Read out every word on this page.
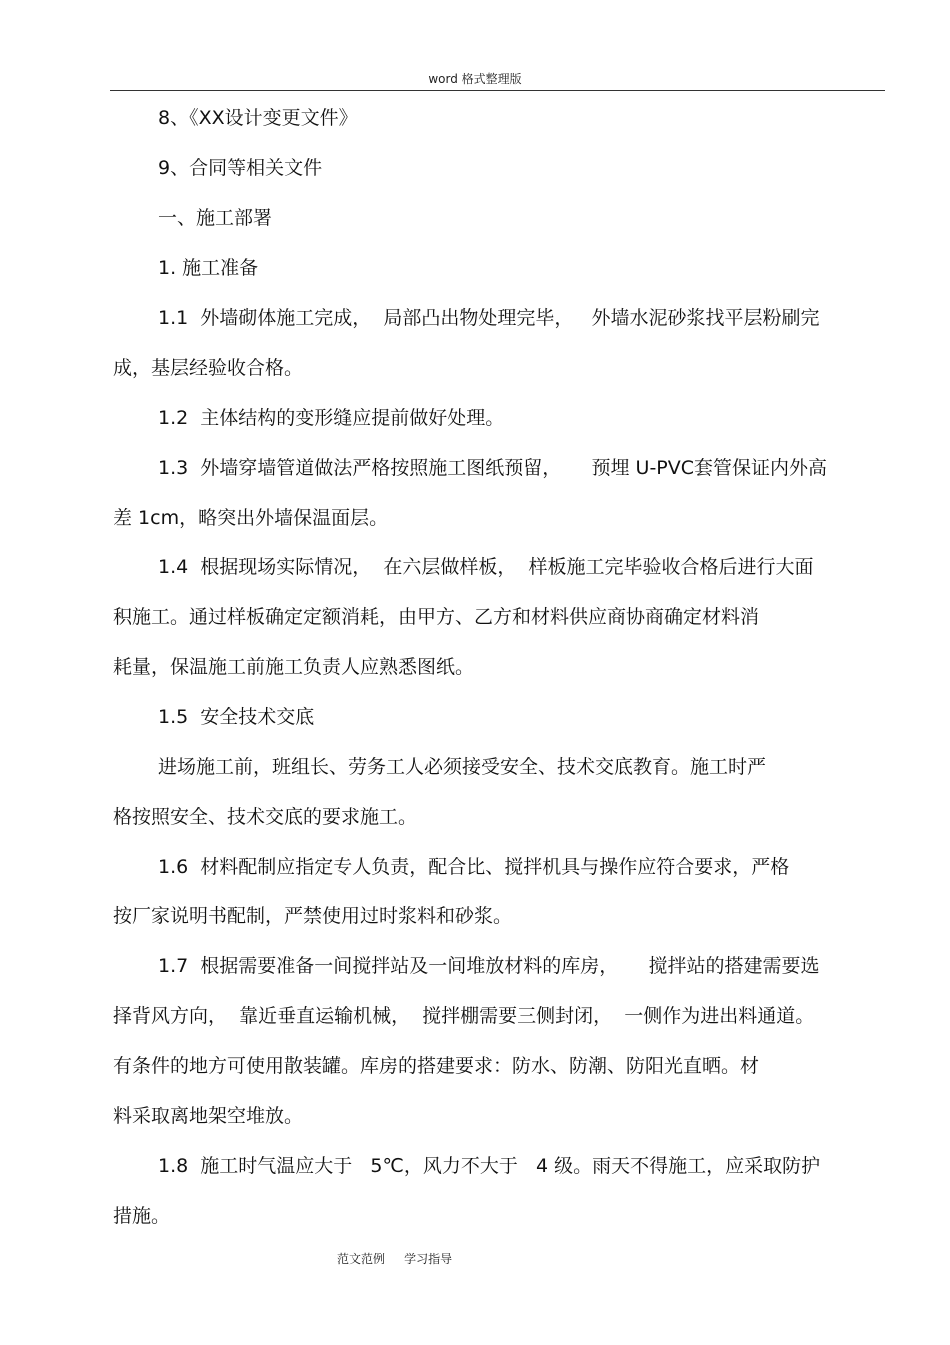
word 格式整理版
8、《XX设计变更文件》
9、合同等相关文件
一、施工部署
1. 施工准备
1.1  外墙砌体施工完成，  局部凸出物处理完毕，   外墙水泥砂浆找平层粉刷完
成，基层经验收合格。
1.2  主体结构的变形缝应提前做好处理。
1.3  外墙穿墙管道做法严格按照施工图纸预留，     预埋 U-PVC套管保证内外高
差 1cm，略突出外墙保温面层。
1.4  根据现场实际情况，  在六层做样板，  样板施工完毕验收合格后进行大面
积施工。通过样板确定定额消耗，由甲方、乙方和材料供应商协商确定材料消
耗量，保温施工前施工负责人应熟悉图纸。
1.5  安全技术交底
进场施工前，班组长、劳务工人必须接受安全、技术交底教育。施工时严
格按照安全、技术交底的要求施工。
1.6  材料配制应指定专人负责，配合比、搅拌机具与操作应符合要求，严格
按厂家说明书配制，严禁使用过时浆料和砂浆。
1.7  根据需要准备一间搅拌站及一间堆放材料的库房，     搅拌站的搭建需要选
择背风方向，  靠近垂直运输机械，  搅拌棚需要三侧封闭，  一侧作为进出料通道。
有条件的地方可使用散装罐。库房的搭建要求：防水、防潮、防阳光直晒。材
料采取离地架空堆放。
1.8  施工时气温应大于   5℃，风力不大于   4 级。雨天不得施工，应采取防护
措施。
范文范例     学习指导
